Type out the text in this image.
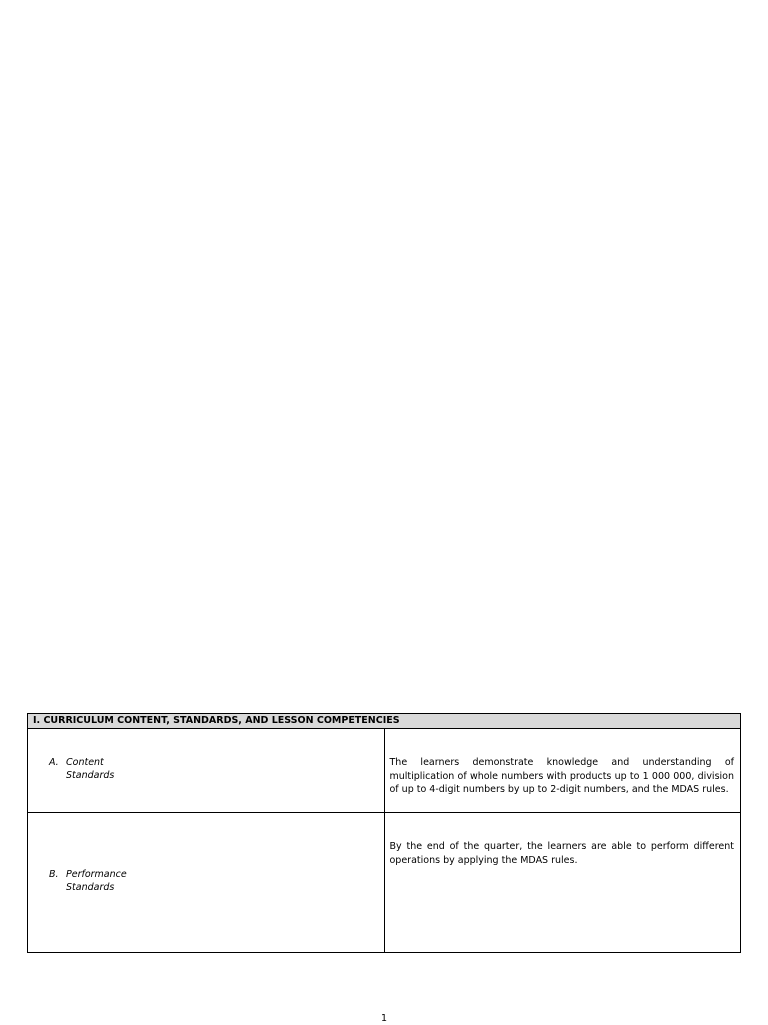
I. CURRICULUM CONTENT, STANDARDS, AND LESSON COMPETENCIES	

A. Content
Standards	The learners demonstrate knowledge and understanding of multiplication of whole numbers with products up to 1 000 000, division of up to 4-digit numbers by up to 2-digit numbers, and the MDAS rules.

B. Performance
Standards	By the end of the quarter, the learners are able to perform different operations by applying the MDAS rules.
1
